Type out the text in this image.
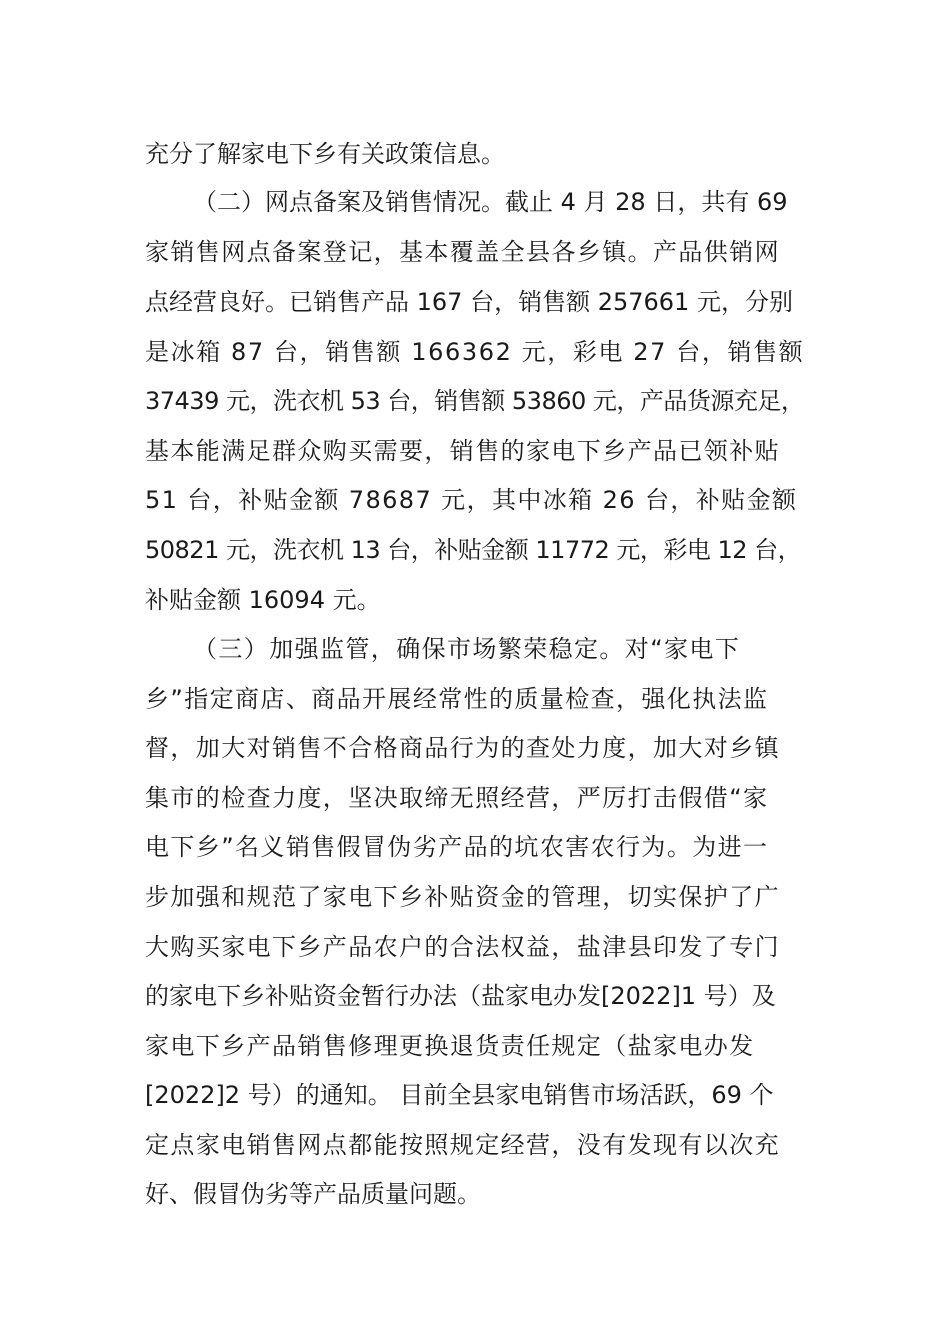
充分了解家电下乡有关政策信息。
（二）网点备案及销售情况。截止 4 月 28 日，共有 69
家销售网点备案登记，基本覆盖全县各乡镇。产品供销网
点经营良好。已销售产品 167 台，销售额 257661 元，分别
是冰箱 87 台，销售额 166362 元，彩电 27 台，销售额
37439 元，洗衣机 53 台，销售额 53860 元，产品货源充足，
基本能满足群众购买需要，销售的家电下乡产品已领补贴
51 台，补贴金额 78687 元，其中冰箱 26 台，补贴金额
50821 元，洗衣机 13 台，补贴金额 11772 元，彩电 12 台，
补贴金额 16094 元。
（三）加强监管，确保市场繁荣稳定。对“家电下
乡”指定商店、商品开展经常性的质量检查，强化执法监
督，加大对销售不合格商品行为的查处力度，加大对乡镇
集市的检查力度，坚决取缔无照经营，严厉打击假借“家
电下乡”名义销售假冒伪劣产品的坑农害农行为。为进一
步加强和规范了家电下乡补贴资金的管理，切实保护了广
大购买家电下乡产品农户的合法权益，盐津县印发了专门
的家电下乡补贴资金暂行办法（盐家电办发[2022]1 号）及
家电下乡产品销售修理更换退货责任规定（盐家电办发
[2022]2 号）的通知。 目前全县家电销售市场活跃，69 个
定点家电销售网点都能按照规定经营，没有发现有以次充
好、假冒伪劣等产品质量问题。
